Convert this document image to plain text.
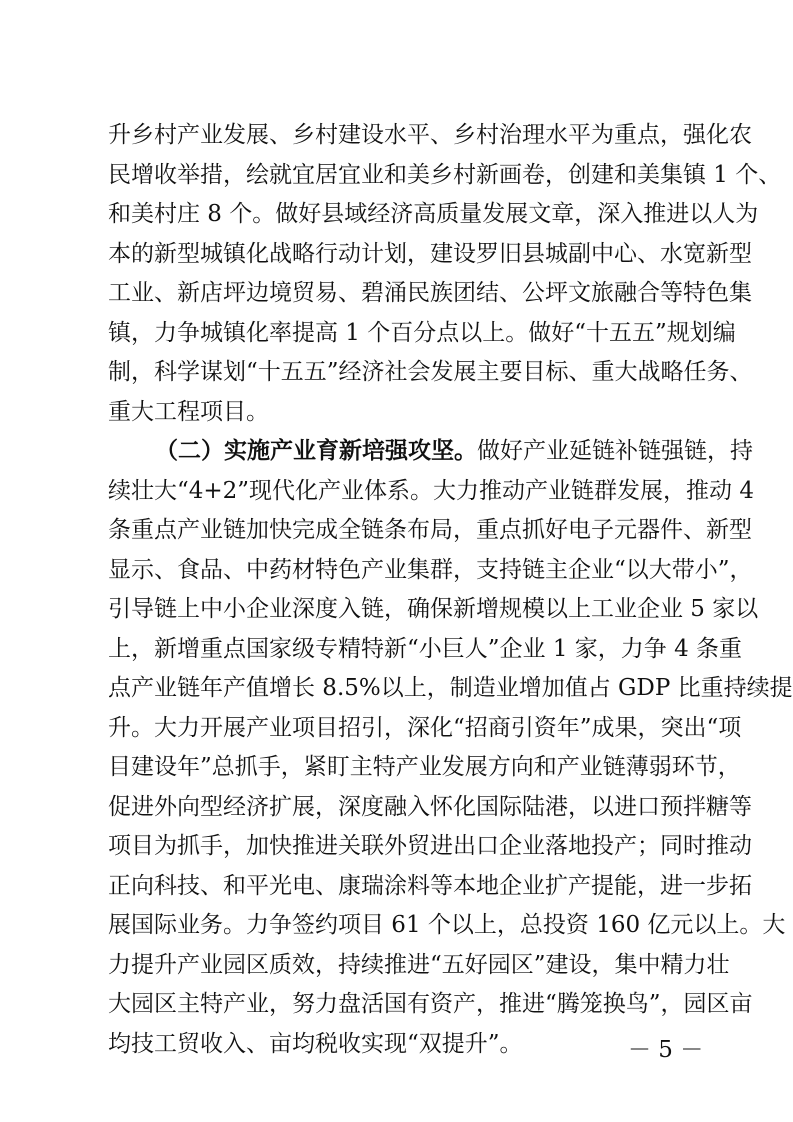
升乡村产业发展、乡村建设水平、乡村治理水平为重点，强化农
民增收举措，绘就宜居宜业和美乡村新画卷，创建和美集镇 1 个、
和美村庄 8 个。做好县域经济高质量发展文章，深入推进以人为
本的新型城镇化战略行动计划，建设罗旧县城副中心、水宽新型
工业、新店坪边境贸易、碧涌民族团结、公坪文旅融合等特色集
镇，力争城镇化率提高 1 个百分点以上。做好“十五五”规划编
制，科学谋划“十五五”经济社会发展主要目标、重大战略任务、
重大工程项目。
（二）实施产业育新培强攻坚。做好产业延链补链强链，持
续壮大“4+2”现代化产业体系。大力推动产业链群发展，推动 4
条重点产业链加快完成全链条布局，重点抓好电子元器件、新型
显示、食品、中药材特色产业集群，支持链主企业“以大带小”，
引导链上中小企业深度入链，确保新增规模以上工业企业 5 家以
上，新增重点国家级专精特新“小巨人”企业 1 家，力争 4 条重
点产业链年产值增长 8.5%以上，制造业增加值占 GDP 比重持续提
升。大力开展产业项目招引，深化“招商引资年”成果，突出“项
目建设年”总抓手，紧盯主特产业发展方向和产业链薄弱环节，
促进外向型经济扩展，深度融入怀化国际陆港，以进口预拌糖等
项目为抓手，加快推进关联外贸进出口企业落地投产；同时推动
正向科技、和平光电、康瑞涂料等本地企业扩产提能，进一步拓
展国际业务。力争签约项目 61 个以上，总投资 160 亿元以上。大
力提升产业园区质效，持续推进“五好园区”建设，集中精力壮
大园区主特产业，努力盘活国有资产，推进“腾笼换鸟”，园区亩
均技工贸收入、亩均税收实现“双提升”。	－ 5 －
